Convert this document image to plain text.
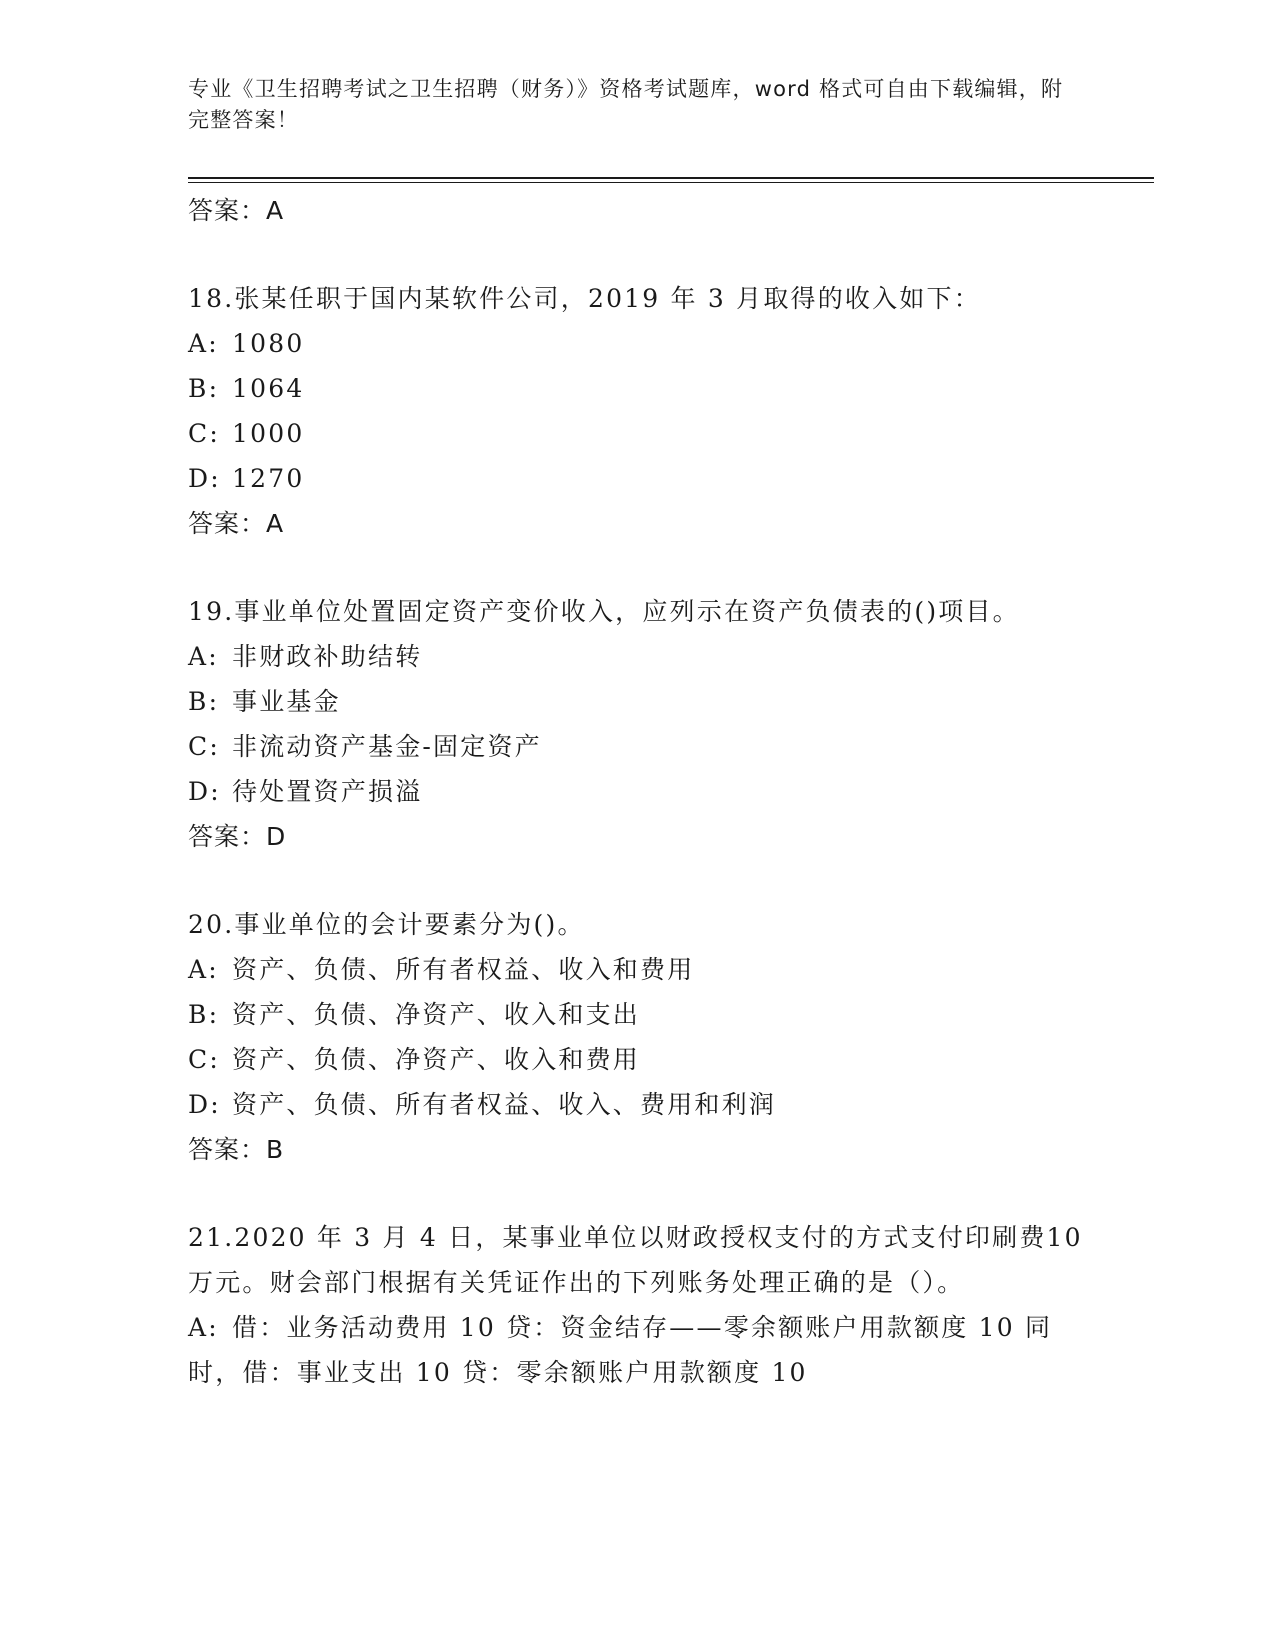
专业《卫生招聘考试之卫生招聘（财务）》资格考试题库，word 格式可自由下载编辑，附完整答案！
答案：A
18.张某任职于国内某软件公司，2019 年 3 月取得的收入如下：
A: 1080
B: 1064
C: 1000
D: 1270
答案：A
19.事业单位处置固定资产变价收入，应列示在资产负债表的()项目。
A: 非财政补助结转
B: 事业基金
C: 非流动资产基金-固定资产
D: 待处置资产损溢
答案：D
20.事业单位的会计要素分为()。
A: 资产、负债、所有者权益、收入和费用
B: 资产、负债、净资产、收入和支出
C: 资产、负债、净资产、收入和费用
D: 资产、负债、所有者权益、收入、费用和利润
答案：B
21.2020 年 3 月 4 日，某事业单位以财政授权支付的方式支付印刷费10 万元。财会部门根据有关凭证作出的下列账务处理正确的是（）。
A: 借：业务活动费用 10 贷：资金结存——零余额账户用款额度 10 同时，借：事业支出 10 贷：零余额账户用款额度 10
